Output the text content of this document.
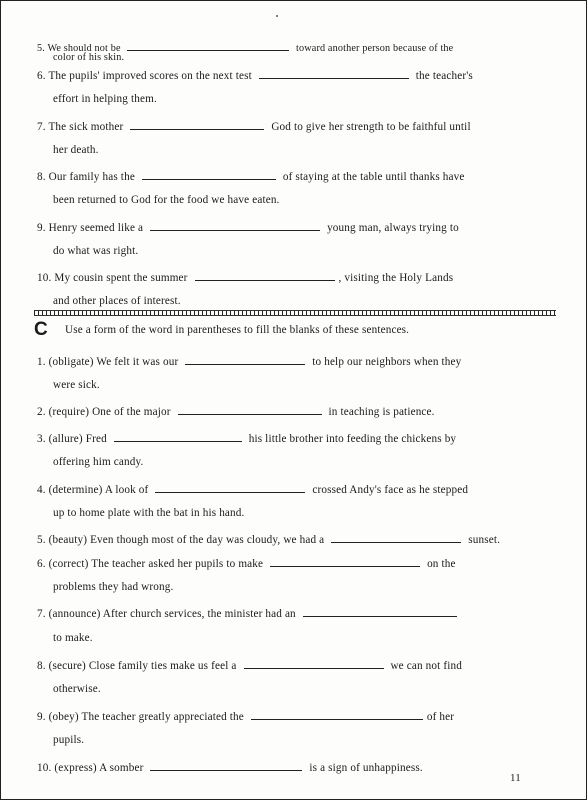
5. We should not be	toward another person because of the
color of his skin.
6. The pupils' improved scores on the next test	the teacher's
effort in helping them.
7. The sick mother	God to give her strength to be faithful until
her death.
8. Our family has the	of staying at the table until thanks have
been returned to God for the food we have eaten.
9. Henry seemed like a	young man, always trying to
do what was right.
10. My cousin spent the summer	, visiting the Holy Lands
and other places of interest.
C Use a form of the word in parentheses to fill the blanks of these sentences.
1. (obligate) We felt it was our	to help our neighbors when they
were sick.
2. (require) One of the major	in teaching is patience.
3. (allure) Fred	his little brother into feeding the chickens by
offering him candy.
4. (determine) A look of	crossed Andy's face as he stepped
up to home plate with the bat in his hand.
5. (beauty) Even though most of the day was cloudy, we had a	sunset.
6. (correct) The teacher asked her pupils to make	on the
problems they had wrong.
7. (announce) After church services, the minister had an
to make.
8. (secure) Close family ties make us feel a	we can not find
otherwise.
9. (obey) The teacher greatly appreciated the	of her
pupils.
10. (express) A somber	is a sign of unhappiness.
11
